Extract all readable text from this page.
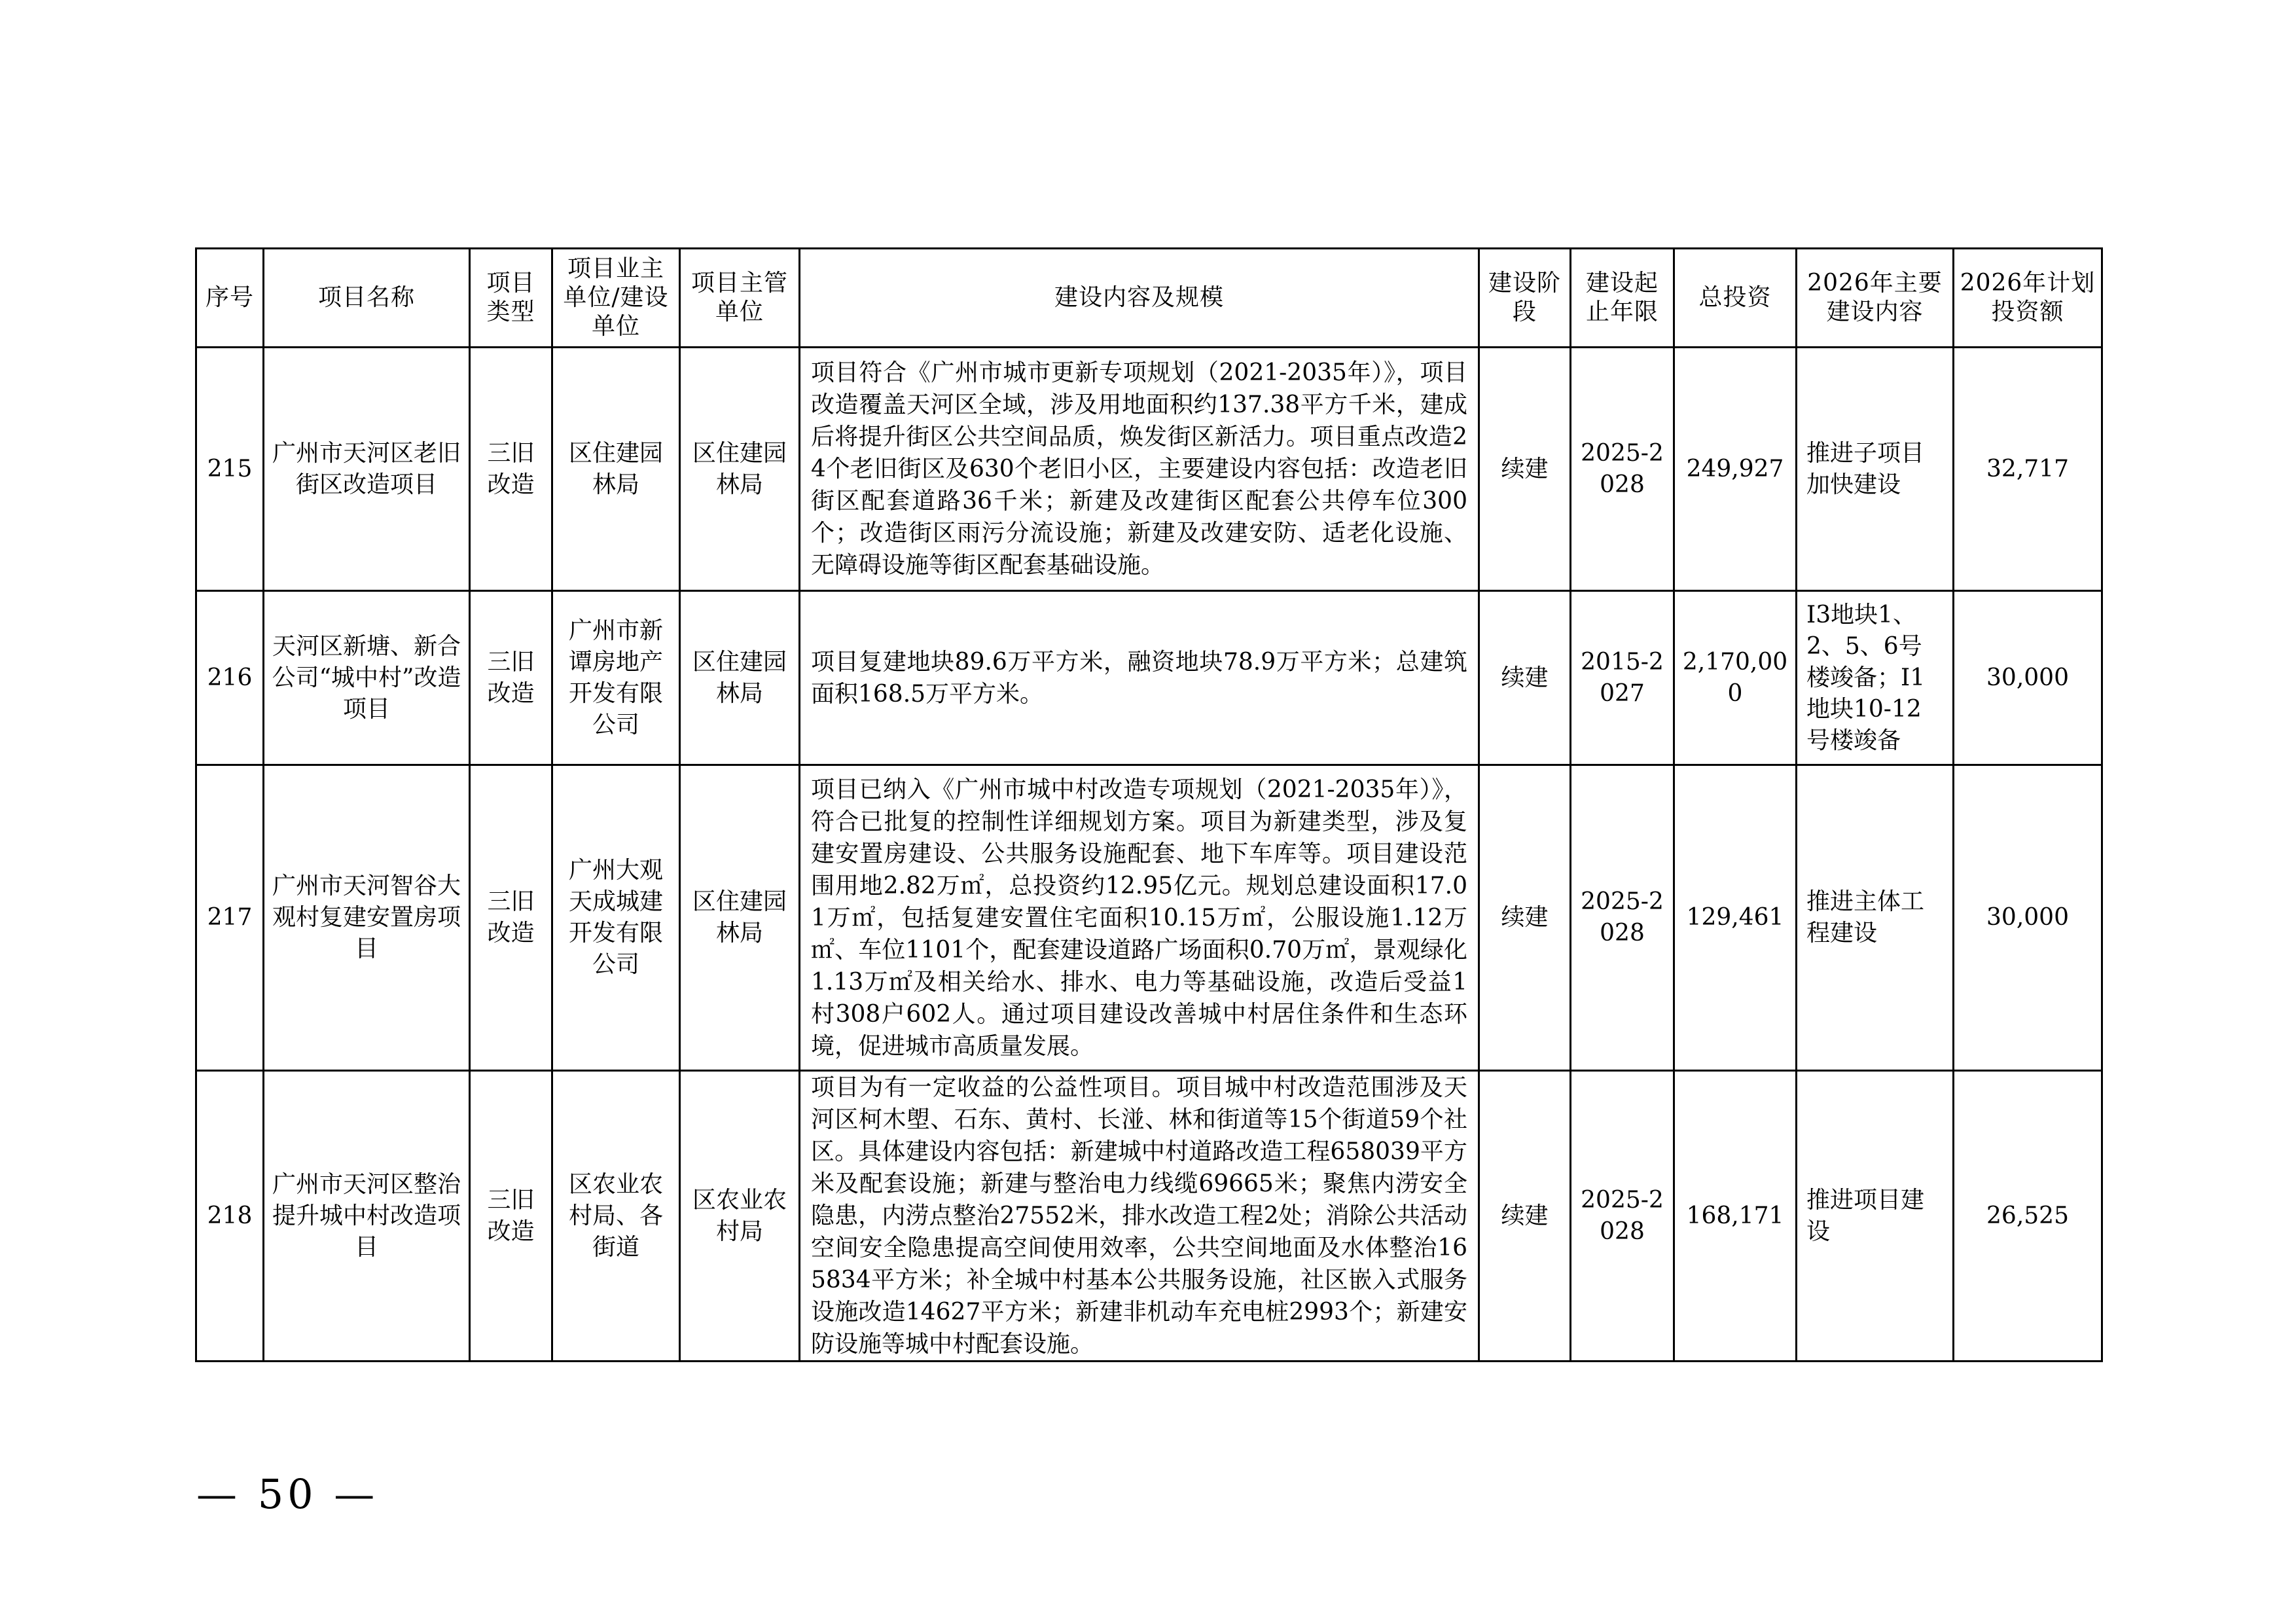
序号	项目名称	项目类型	项目业主单位/建设单位	项目主管单位	建设内容及规模	建设阶段	建设起止年限	总投资	2026年主要建设内容	2026年计划投资额
215	广州市天河区老旧街区改造项目	三旧改造	区住建园林局	区住建园林局	项目符合《广州市城市更新专项规划（2021-2035年）》，项目改造覆盖天河区全域，涉及用地面积约137.38平方千米，建成后将提升街区公共空间品质，焕发街区新活力。项目重点改造24个老旧街区及630个老旧小区，主要建设内容包括：改造老旧街区配套道路36千米；新建及改建街区配套公共停车位300个；改造街区雨污分流设施；新建及改建安防、适老化设施、无障碍设施等街区配套基础设施。	续建	2025-2028	249,927	推进子项目加快建设	32,717
216	天河区新塘、新合公司“城中村”改造项目	三旧改造	广州市新谭房地产开发有限公司	区住建园林局	项目复建地块89.6万平方米，融资地块78.9万平方米；总建筑面积168.5万平方米。	续建	2015-2027	2,170,000	I3地块1、2、5、6号楼竣备；I1地块10-12号楼竣备	30,000
217	广州市天河智谷大观村复建安置房项目	三旧改造	广州大观天成城建开发有限公司	区住建园林局	项目已纳入《广州市城中村改造专项规划（2021-2035年）》，符合已批复的控制性详细规划方案。项目为新建类型，涉及复建安置房建设、公共服务设施配套、地下车库等。项目建设范围用地2.82万㎡，总投资约12.95亿元。规划总建设面积17.01万㎡，包括复建安置住宅面积10.15万㎡，公服设施1.12万㎡、车位1101个，配套建设道路广场面积0.70万㎡，景观绿化1.13万㎡及相关给水、排水、电力等基础设施，改造后受益1村308户602人。通过项目建设改善城中村居住条件和生态环境，促进城市高质量发展。	续建	2025-2028	129,461	推进主体工程建设	30,000
218	广州市天河区整治提升城中村改造项目	三旧改造	区农业农村局、各街道	区农业农村局	项目为有一定收益的公益性项目。项目城中村改造范围涉及天河区柯木塱、石东、黄村、长湴、林和街道等15个街道59个社区。具体建设内容包括：新建城中村道路改造工程658039平方米及配套设施；新建与整治电力线缆69665米；聚焦内涝安全隐患，内涝点整治27552米，排水改造工程2处；消除公共活动空间安全隐患提高空间使用效率，公共空间地面及水体整治165834平方米；补全城中村基本公共服务设施，社区嵌入式服务设施改造14627平方米；新建非机动车充电桩2993个；新建安防设施等城中村配套设施。	续建	2025-2028	168,171	推进项目建设	26,525
— 50 —
